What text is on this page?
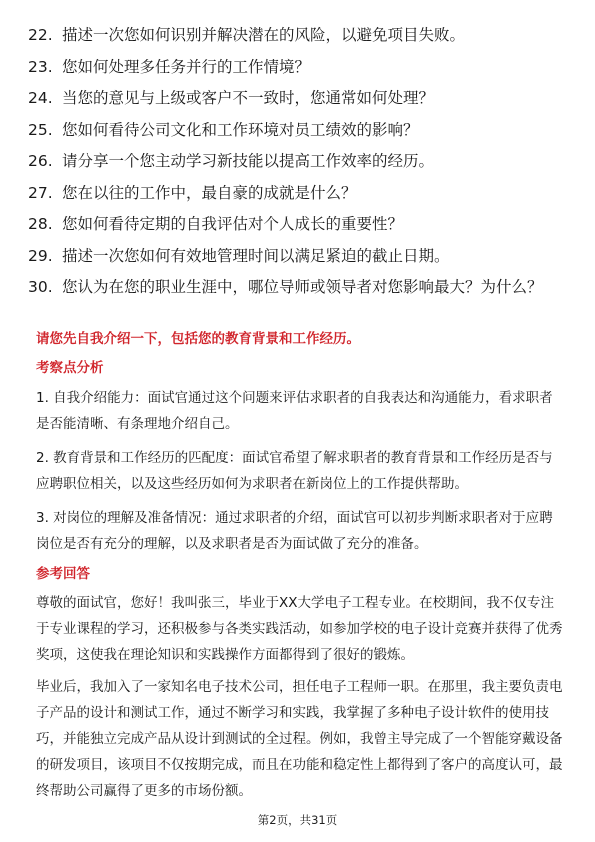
22. 描述一次您如何识别并解决潜在的风险，以避免项目失败。
23. 您如何处理多任务并行的工作情境？
24. 当您的意见与上级或客户不一致时，您通常如何处理？
25. 您如何看待公司文化和工作环境对员工绩效的影响？
26. 请分享一个您主动学习新技能以提高工作效率的经历。
27. 您在以往的工作中，最自豪的成就是什么？
28. 您如何看待定期的自我评估对个人成长的重要性？
29. 描述一次您如何有效地管理时间以满足紧迫的截止日期。
30. 您认为在您的职业生涯中，哪位导师或领导者对您影响最大？为什么？
请您先自我介绍一下，包括您的教育背景和工作经历。
考察点分析

1. 自我介绍能力：面试官通过这个问题来评估求职者的自我表达和沟通能力，看求职者是否能清晰、有条理地介绍自己。

2. 教育背景和工作经历的匹配度：面试官希望了解求职者的教育背景和工作经历是否与应聘职位相关，以及这些经历如何为求职者在新岗位上的工作提供帮助。

3. 对岗位的理解及准备情况：通过求职者的介绍，面试官可以初步判断求职者对于应聘岗位是否有充分的理解，以及求职者是否为面试做了充分的准备。

参考回答

尊敬的面试官，您好！我叫张三，毕业于XX大学电子工程专业。在校期间，我不仅专注于专业课程的学习，还积极参与各类实践活动，如参加学校的电子设计竞赛并获得了优秀奖项，这使我在理论知识和实践操作方面都得到了很好的锻炼。

毕业后，我加入了一家知名电子技术公司，担任电子工程师一职。在那里，我主要负责电子产品的设计和测试工作，通过不断学习和实践，我掌握了多种电子设计软件的使用技巧，并能独立完成产品从设计到测试的全过程。例如，我曾主导完成了一个智能穿戴设备的研发项目，该项目不仅按期完成，而且在功能和稳定性上都得到了客户的高度认可，最终帮助公司赢得了更多的市场份额。

第2页，共31页
